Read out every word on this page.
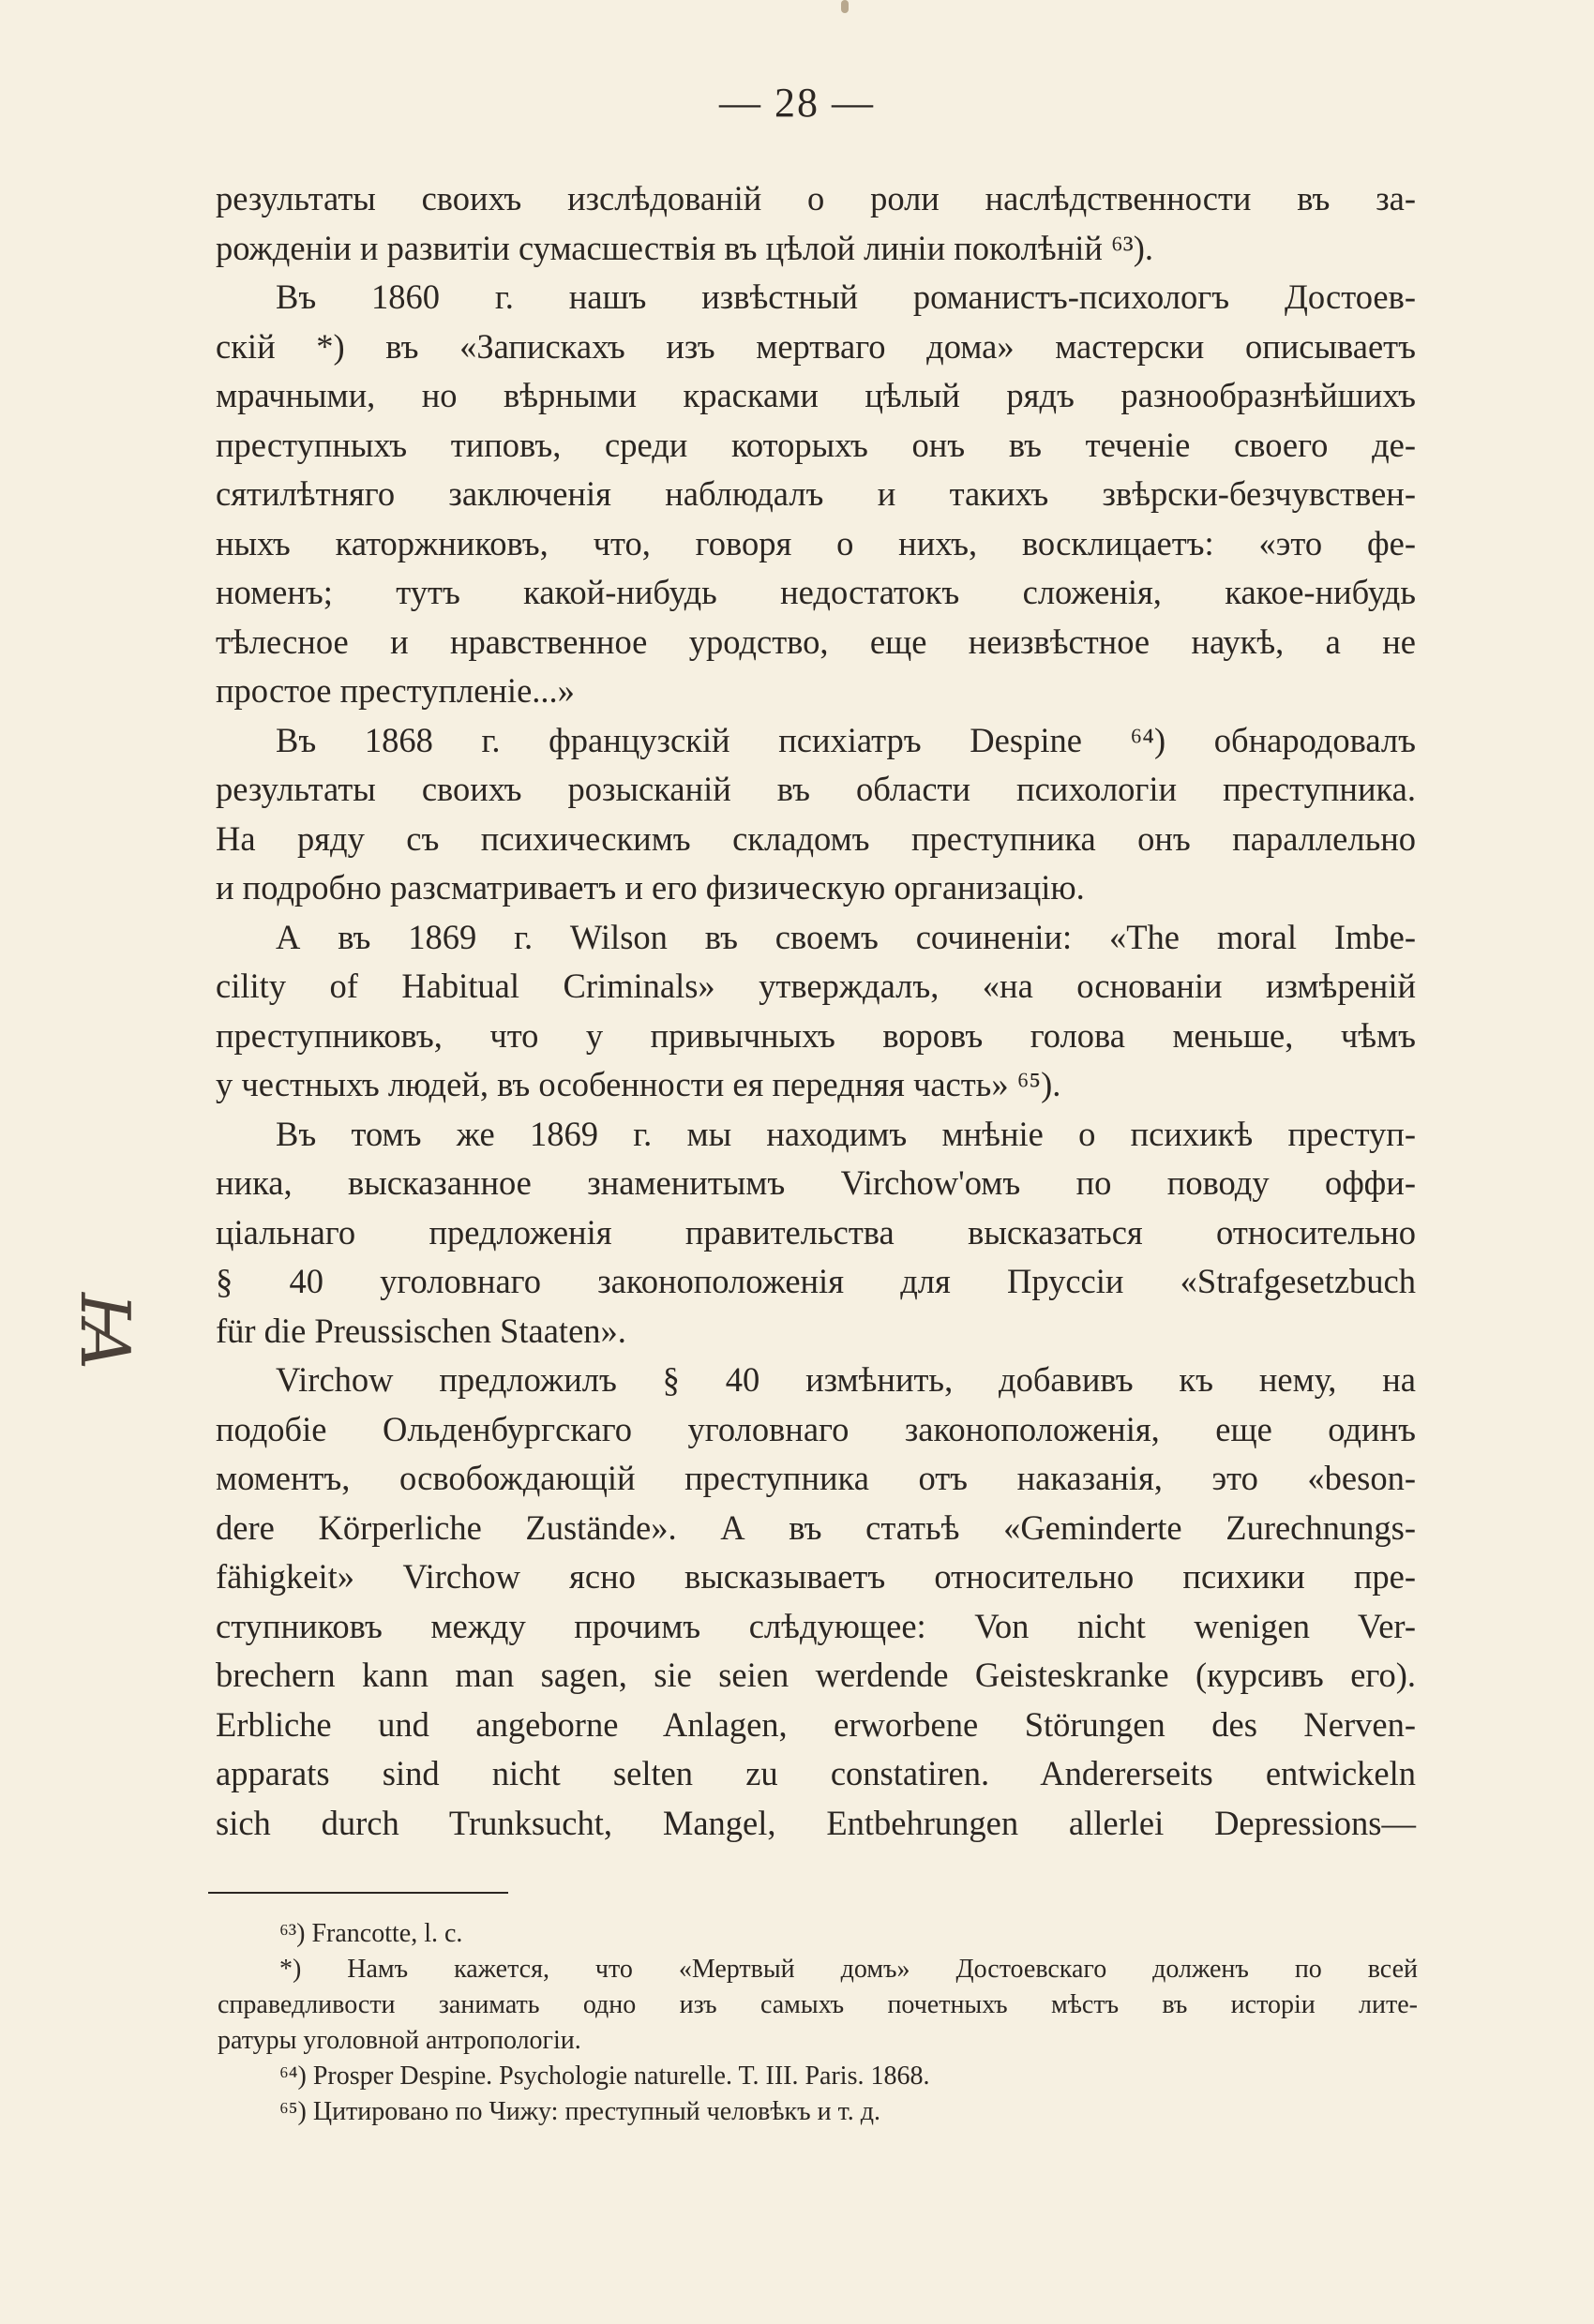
— 28 —
результаты своихъ изслѣдованій о роли наслѣдственности въ за-
рожденіи и развитіи сумасшествія въ цѣлой линіи поколѣній ⁶³).
Въ 1860 г. нашъ извѣстный романистъ-психологъ Достоев-
скій *) въ «Запискахъ изъ мертваго дома» мастерски описываетъ
мрачными, но вѣрными красками цѣлый рядъ разнообразнѣйшихъ
преступныхъ типовъ, среди которыхъ онъ въ теченіе своего де-
сятилѣтняго заключенія наблюдалъ и такихъ звѣрски-безчувствен-
ныхъ каторжниковъ, что, говоря о нихъ, восклицаетъ: «это фе-
номенъ; тутъ какой-нибудь недостатокъ сложенія, какое-нибудь
тѣлесное и нравственное уродство, еще неизвѣстное наукѣ, а не
простое преступленіе...»
Въ 1868 г. французскій психіатръ Despine ⁶⁴) обнародовалъ
результаты своихъ розысканій въ области психологіи преступника.
На ряду съ психическимъ складомъ преступника онъ параллельно
и подробно разсматриваетъ и его физическую организацію.
А въ 1869 г. Wilson въ своемъ сочиненіи: «The moral Imbe-
cility of Habitual Criminals» утверждалъ, «на основаніи измѣреній
преступниковъ, что у привычныхъ воровъ голова меньше, чѣмъ
у честныхъ людей, въ особенности ея передняя часть» ⁶⁵).
Въ томъ же 1869 г. мы находимъ мнѣніе о психикѣ преступ-
ника, высказанное знаменитымъ Virchow'омъ по поводу оффи-
ціальнаго предложенія правительства высказаться относительно
§ 40 уголовнаго законоположенія для Пруссіи «Strafgesetzbuch
für die Preussischen Staaten».
Virchow предложилъ § 40 измѣнить, добавивъ къ нему, на
подобіе Ольденбургскаго уголовнаго законоположенія, еще одинъ
моментъ, освобождающій преступника отъ наказанія, это «beson-
dere Körperliche Zustände». А въ статьѣ «Geminderte Zurechnungs-
fähigkeit» Virchow ясно высказываетъ относительно психики пре-
ступниковъ между прочимъ слѣдующее: Von nicht wenigen Ver-
brechern kann man sagen, sie seien werdende Geisteskranke (курсивъ его).
Erbliche und angeborne Anlagen, erworbene Störungen des Nerven-
apparats sind nicht selten zu constatiren. Andererseits entwickeln
sich durch Trunksucht, Mangel, Entbehrungen allerlei Depressions—
⁶³) Francotte, l. c.
*) Намъ кажется, что «Мертвый домъ» Достоевскаго долженъ по всей
справедливости занимать одно изъ самыхъ почетныхъ мѣстъ въ исторіи лите-
ратуры уголовной антропологіи.
⁶⁴) Prosper Despine. Psychologie naturelle. T. III. Paris. 1868.
⁶⁵) Цитировано по Чижу: преступный человѣкъ и т. д.
Ꙗ
